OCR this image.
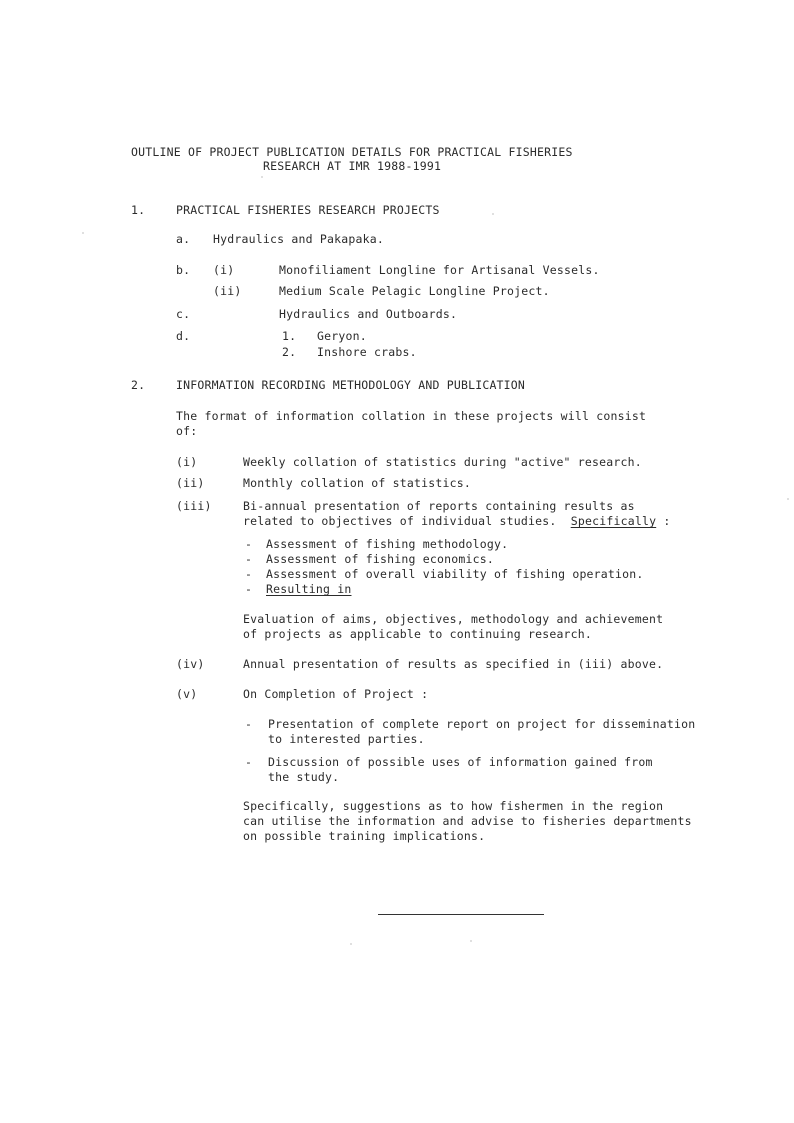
OUTLINE OF PROJECT PUBLICATION DETAILS FOR PRACTICAL FISHERIES
RESEARCH AT IMR 1988-1991
1.	PRACTICAL FISHERIES RESEARCH PROJECTS
a. Hydraulics and Pakapaka.
b. (i)	Monofiliament Longline for Artisanal Vessels.
(ii)	Medium Scale Pelagic Longline Project.
c.	Hydraulics and Outboards.
d.	1. Geryon.
2. Inshore crabs.
2.	INFORMATION RECORDING METHODOLOGY AND PUBLICATION
The format of information collation in these projects will consist
of:
(i)	Weekly collation of statistics during "active" research.
(ii)	Monthly collation of statistics.
(iii)	Bi-annual presentation of reports containing results as
related to objectives of individual studies. Specifically :
- Assessment of fishing methodology.
- Assessment of fishing economics.
- Assessment of overall viability of fishing operation.
- Resulting in
Evaluation of aims, objectives, methodology and achievement
of projects as applicable to continuing research.
(iv)	Annual presentation of results as specified in (iii) above.
(v)	On Completion of Project :
- Presentation of complete report on project for dissemination
to interested parties.
- Discussion of possible uses of information gained from
the study.
Specifically, suggestions as to how fishermen in the region
can utilise the information and advise to fisheries departments
on possible training implications.
